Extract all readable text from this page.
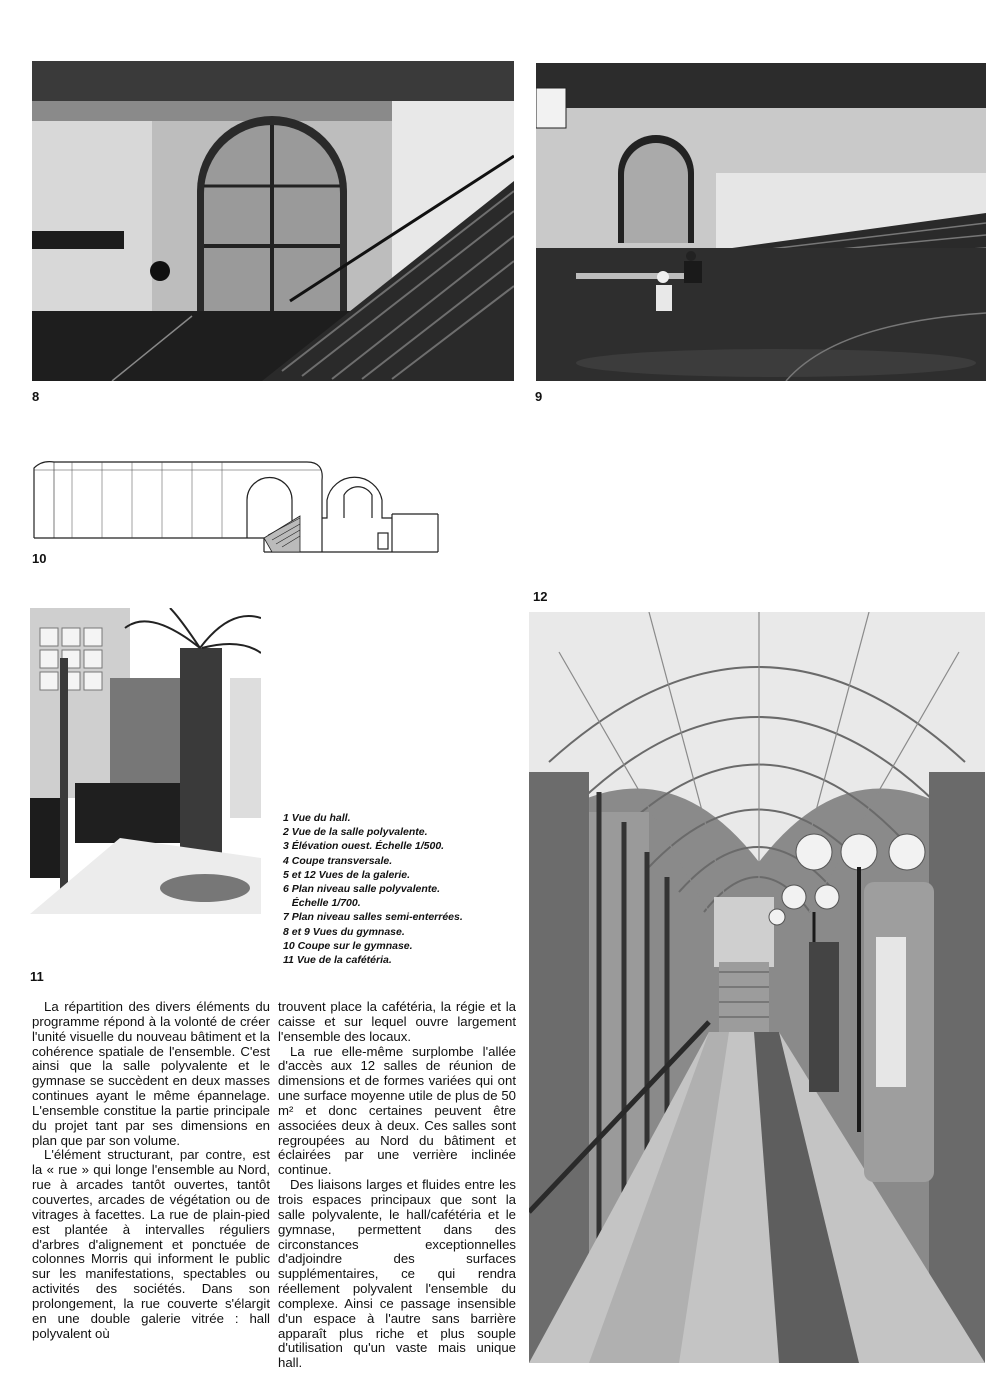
8	9
10
11
1 Vue du hall.
2 Vue de la salle polyvalente.
3 Élévation ouest. Échelle 1/500.
4 Coupe transversale.
5 et 12 Vues de la galerie.
6 Plan niveau salle polyvalente.
Échelle 1/700.
7 Plan niveau salles semi-enterrées.
8 et 9 Vues du gymnase.
10 Coupe sur le gymnase.
11 Vue de la cafétéria.
12

La répartition des divers éléments du programme répond à la volonté de créer l'unité visuelle du nouveau bâtiment et la cohérence spatiale de l'ensemble. C'est ainsi que la salle polyvalente et le gymnase se succèdent en deux masses continues ayant le même épannelage. L'ensemble constitue la partie principale du projet tant par ses dimensions en plan que par son volume.

L'élément structurant, par contre, est la « rue » qui longe l'ensemble au Nord, rue à arcades tantôt ouvertes, tantôt couvertes, arcades de végétation ou de vitrages à facettes. La rue de plain-pied est plantée à intervalles réguliers d'arbres d'alignement et ponctuée de colonnes Morris qui informent le public sur les manifestations, spectables ou activités des sociétés. Dans son prolongement, la rue couverte s'élargit en une double galerie vitrée : hall polyvalent où

trouvent place la cafétéria, la régie et la caisse et sur lequel ouvre largement l'ensemble des locaux.

La rue elle-même surplombe l'allée d'accès aux 12 salles de réunion de dimensions et de formes variées qui ont une surface moyenne utile de plus de 50 m² et donc certaines peuvent être associées deux à deux. Ces salles sont regroupées au Nord du bâtiment et éclairées par une verrière inclinée continue.

Des liaisons larges et fluides entre les trois espaces principaux que sont la salle polyvalente, le hall/cafétéria et le gymnase, permettent dans des circonstances exceptionnelles d'adjoindre des surfaces supplémentaires, ce qui rendra réellement polyvalent l'ensemble du complexe. Ainsi ce passage insensible d'un espace à l'autre sans barrière apparaît plus riche et plus souple d'utilisation qu'un vaste mais unique hall.
